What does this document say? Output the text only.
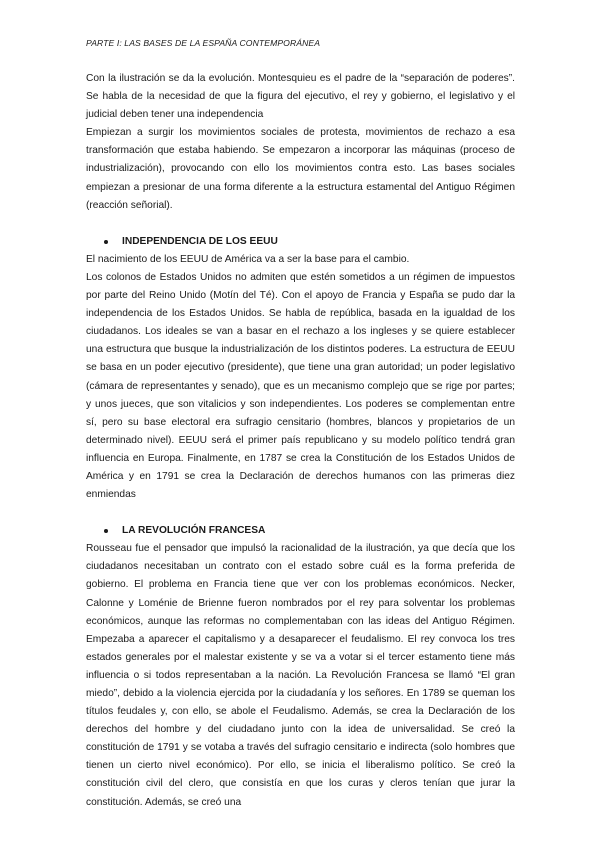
PARTE I: LAS BASES DE LA ESPAÑA CONTEMPORÁNEA

Con la ilustración se da la evolución. Montesquieu es el padre de la “separación de poderes”. Se habla de la necesidad de que la figura del ejecutivo, el rey y gobierno, el legislativo y el judicial deben tener una independencia

Empiezan a surgir los movimientos sociales de protesta, movimientos de rechazo a esa transformación que estaba habiendo. Se empezaron a incorporar las máquinas (proceso de industrialización), provocando con ello los movimientos contra esto. Las bases sociales empiezan a presionar de una forma diferente a la estructura estamental del Antiguo Régimen (reacción señorial).

INDEPENDENCIA DE LOS EEUU

El nacimiento de los EEUU de América va a ser la base para el cambio.

Los colonos de Estados Unidos no admiten que estén sometidos a un régimen de impuestos por parte del Reino Unido (Motín del Té). Con el apoyo de Francia y España se pudo dar la independencia de los Estados Unidos. Se habla de república, basada en la igualdad de los ciudadanos. Los ideales se van a basar en el rechazo a los ingleses y se quiere establecer una estructura que busque la industrialización de los distintos poderes. La estructura de EEUU se basa en un poder ejecutivo (presidente), que tiene una gran autoridad; un poder legislativo (cámara de representantes y senado), que es un mecanismo complejo que se rige por partes; y unos jueces, que son vitalicios y son independientes. Los poderes se complementan entre sí, pero su base electoral era sufragio censitario (hombres, blancos y propietarios de un determinado nivel). EEUU será el primer país republicano y su modelo político tendrá gran influencia en Europa. Finalmente, en 1787 se crea la Constitución de los Estados Unidos de América y en 1791 se crea la Declaración de derechos humanos con las primeras diez enmiendas

LA REVOLUCIÓN FRANCESA

Rousseau fue el pensador que impulsó la racionalidad de la ilustración, ya que decía que los ciudadanos necesitaban un contrato con el estado sobre cuál es la forma preferida de gobierno. El problema en Francia tiene que ver con los problemas económicos. Necker, Calonne y Loménie de Brienne fueron nombrados por el rey para solventar los problemas económicos, aunque las reformas no complementaban con las ideas del Antiguo Régimen. Empezaba a aparecer el capitalismo y a desaparecer el feudalismo. El rey convoca los tres estados generales por el malestar existente y se va a votar si el tercer estamento tiene más influencia o si todos representaban a la nación. La Revolución Francesa se llamó “El gran miedo”, debido a la violencia ejercida por la ciudadanía y los señores. En 1789 se queman los títulos feudales y, con ello, se abole el Feudalismo. Además, se crea la Declaración de los derechos del hombre y del ciudadano junto con la idea de universalidad. Se creó la constitución de 1791 y se votaba a través del sufragio censitario e indirecta (solo hombres que tienen un cierto nivel económico). Por ello, se inicia el liberalismo político. Se creó la constitución civil del clero, que consistía en que los curas y cleros tenían que jurar la constitución. Además, se creó una
